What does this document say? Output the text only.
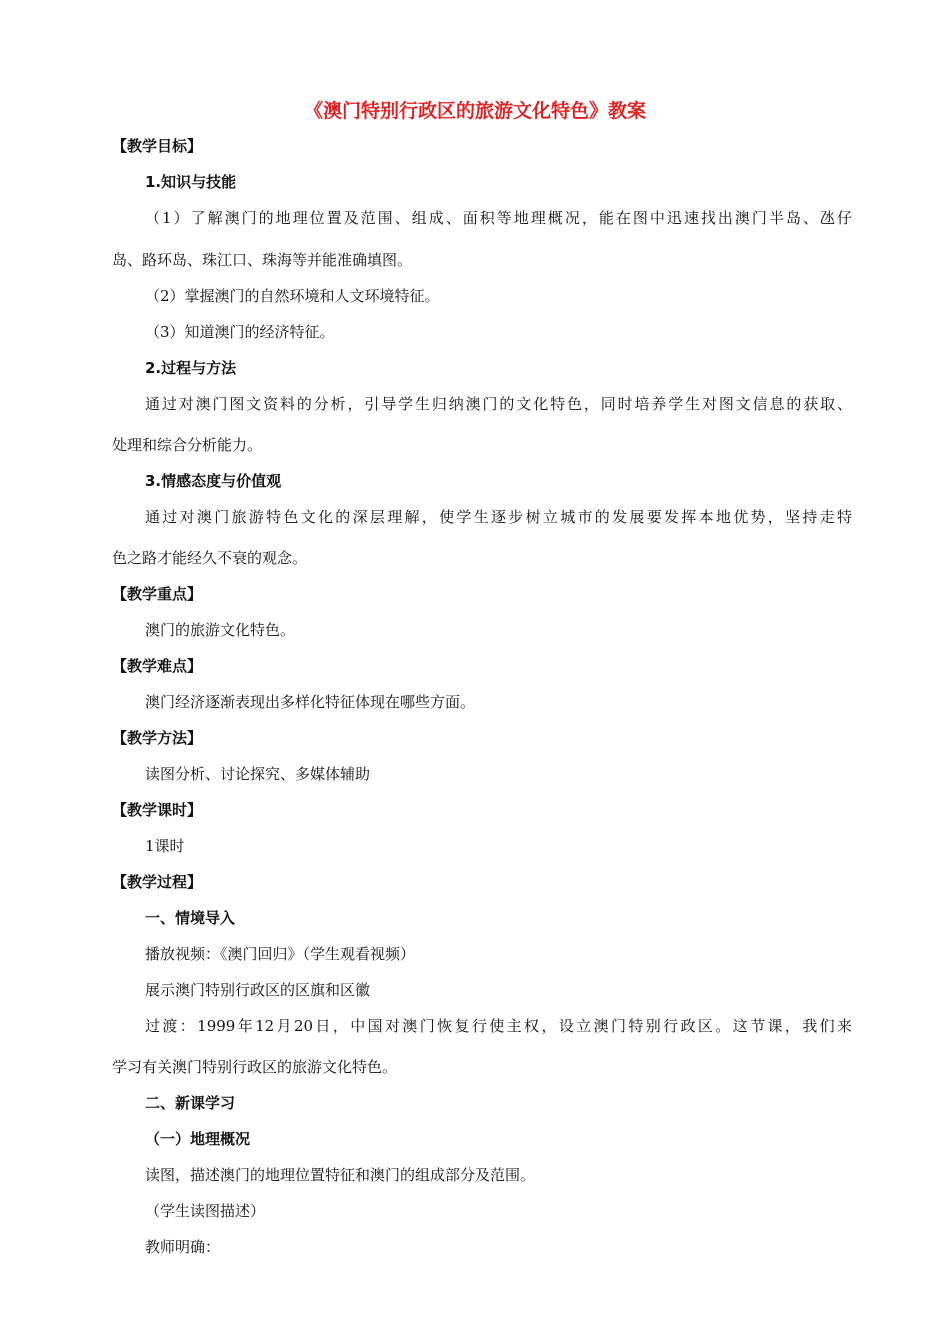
《澳门特别行政区的旅游文化特色》教案
【教学目标】
1.知识与技能
（1）了解澳门的地理位置及范围、组成、面积等地理概况，能在图中迅速找出澳门半岛、氹仔
岛、路环岛、珠江口、珠海等并能准确填图。
（2）掌握澳门的自然环境和人文环境特征。
（3）知道澳门的经济特征。
2.过程与方法
通过对澳门图文资料的分析，引导学生归纳澳门的文化特色，同时培养学生对图文信息的获取、
处理和综合分析能力。
3.情感态度与价值观
通过对澳门旅游特色文化的深层理解，使学生逐步树立城市的发展要发挥本地优势，坚持走特
色之路才能经久不衰的观念。
【教学重点】
澳门的旅游文化特色。
【教学难点】
澳门经济逐渐表现出多样化特征体现在哪些方面。
【教学方法】
读图分析、讨论探究、多媒体辅助
【教学课时】
1课时
【教学过程】
一、情境导入
播放视频：《澳门回归》（学生观看视频）
展示澳门特别行政区的区旗和区徽
过渡：1999年12月20日，中国对澳门恢复行使主权，设立澳门特别行政区。这节课，我们来
学习有关澳门特别行政区的旅游文化特色。
二、新课学习
（一）地理概况
读图，描述澳门的地理位置特征和澳门的组成部分及范围。
（学生读图描述）
教师明确：
